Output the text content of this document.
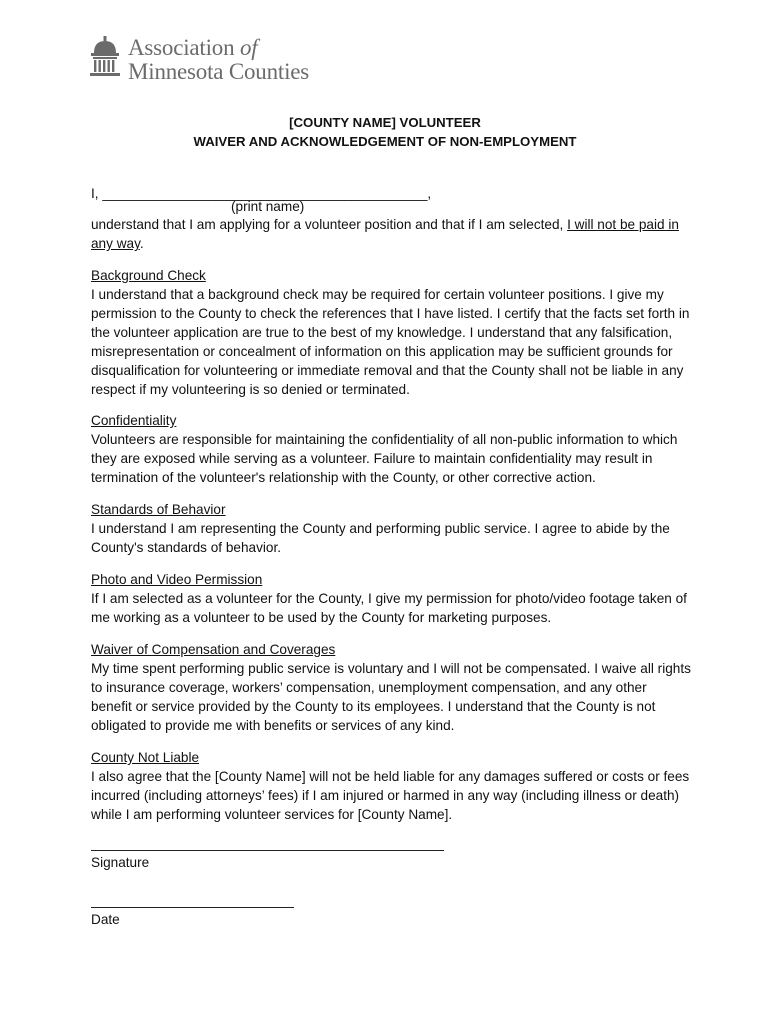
Association of
Minnesota Counties
[COUNTY NAME] VOLUNTEER
WAIVER AND ACKNOWLEDGEMENT OF NON-EMPLOYMENT
I, ___________________________________________,
(print name)

understand that I am applying for a volunteer position and that if I am selected, I will not be paid in any way.

Background Check

I understand that a background check may be required for certain volunteer positions. I give my permission to the County to check the references that I have listed. I certify that the facts set forth in the volunteer application are true to the best of my knowledge. I understand that any falsification, misrepresentation or concealment of information on this application may be sufficient grounds for disqualification for volunteering or immediate removal and that the County shall not be liable in any respect if my volunteering is so denied or terminated.

Confidentiality

Volunteers are responsible for maintaining the confidentiality of all non-public information to which they are exposed while serving as a volunteer. Failure to maintain confidentiality may result in termination of the volunteer's relationship with the County, or other corrective action.

Standards of Behavior

I understand I am representing the County and performing public service. I agree to abide by the County's standards of behavior.

Photo and Video Permission

If I am selected as a volunteer for the County, I give my permission for photo/video footage taken of me working as a volunteer to be used by the County for marketing purposes.

Waiver of Compensation and Coverages

My time spent performing public service is voluntary and I will not be compensated. I waive all rights to insurance coverage, workers’ compensation, unemployment compensation, and any other benefit or service provided by the County to its employees. I understand that the County is not obligated to provide me with benefits or services of any kind.

County Not Liable

I also agree that the [County Name] will not be held liable for any damages suffered or costs or fees incurred (including attorneys’ fees) if I am injured or harmed in any way (including illness or death) while I am performing volunteer services for [County Name].

Signature
Date
